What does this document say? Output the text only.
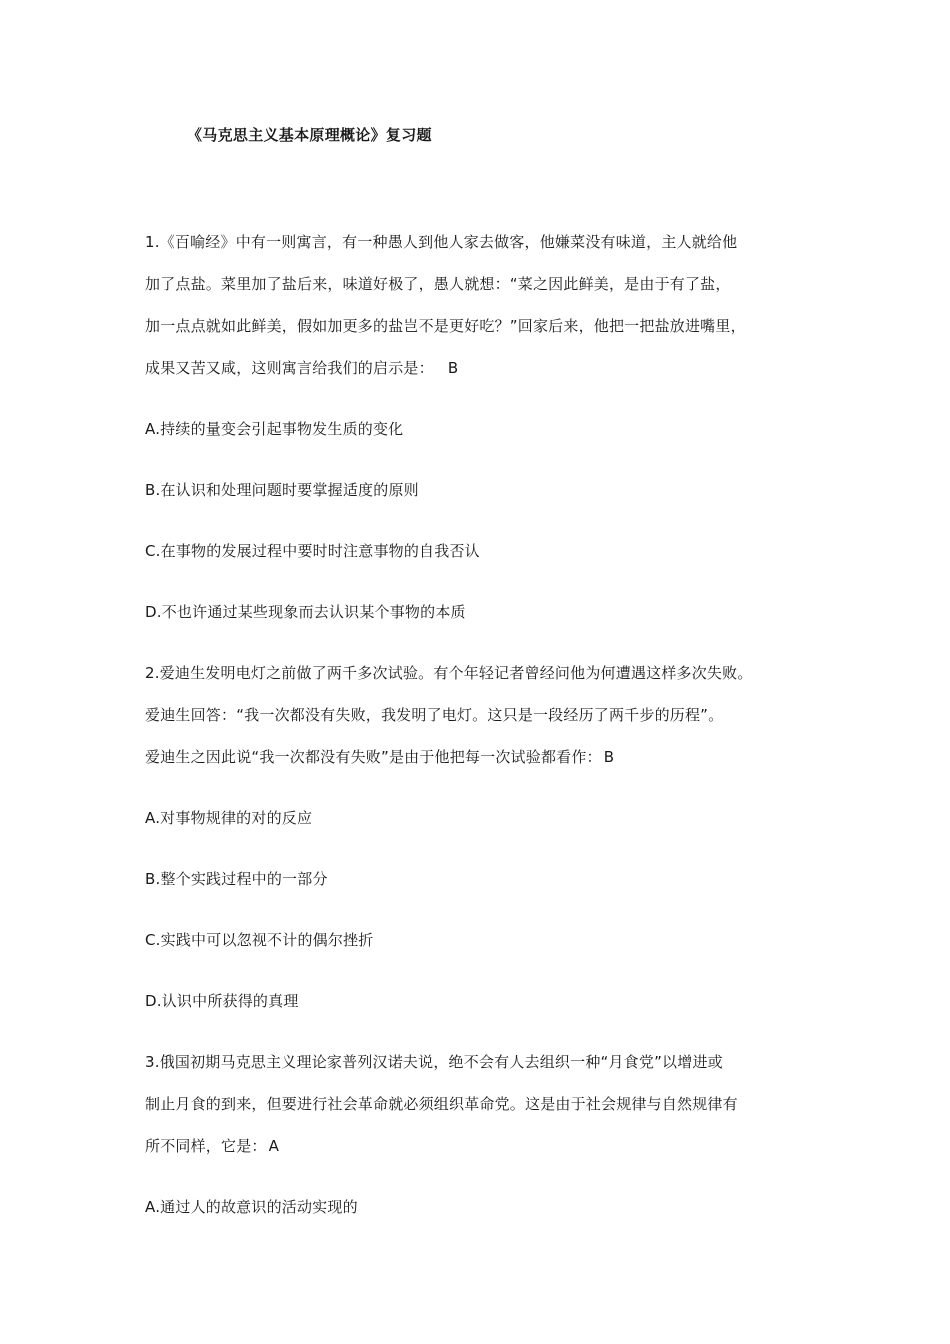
《马克思主义基本原理概论》复习题
1.《百喻经》中有一则寓言，有一种愚人到他人家去做客，他嫌菜没有味道，主人就给他
加了点盐。菜里加了盐后来，味道好极了，愚人就想：“菜之因此鲜美，是由于有了盐，
加一点点就如此鲜美，假如加更多的盐岂不是更好吃？”回家后来，他把一把盐放进嘴里，
成果又苦又咸，这则寓言给我们的启示是： B
A.持续的量变会引起事物发生质的变化
B.在认识和处理问题时要掌握适度的原则
C.在事物的发展过程中要时时注意事物的自我否认
D.不也许通过某些现象而去认识某个事物的本质
2.爱迪生发明电灯之前做了两千多次试验。有个年轻记者曾经问他为何遭遇这样多次失败。
爱迪生回答：“我一次都没有失败，我发明了电灯。这只是一段经历了两千步的历程”。
爱迪生之因此说“我一次都没有失败”是由于他把每一次试验都看作： B
A.对事物规律的对的反应
B.整个实践过程中的一部分
C.实践中可以忽视不计的偶尔挫折
D.认识中所获得的真理
3.俄国初期马克思主义理论家普列汉诺夫说，绝不会有人去组织一种“月食党”以增进或
制止月食的到来，但要进行社会革命就必须组织革命党。这是由于社会规律与自然规律有
所不同样，它是： A
A.通过人的故意识的活动实现的
